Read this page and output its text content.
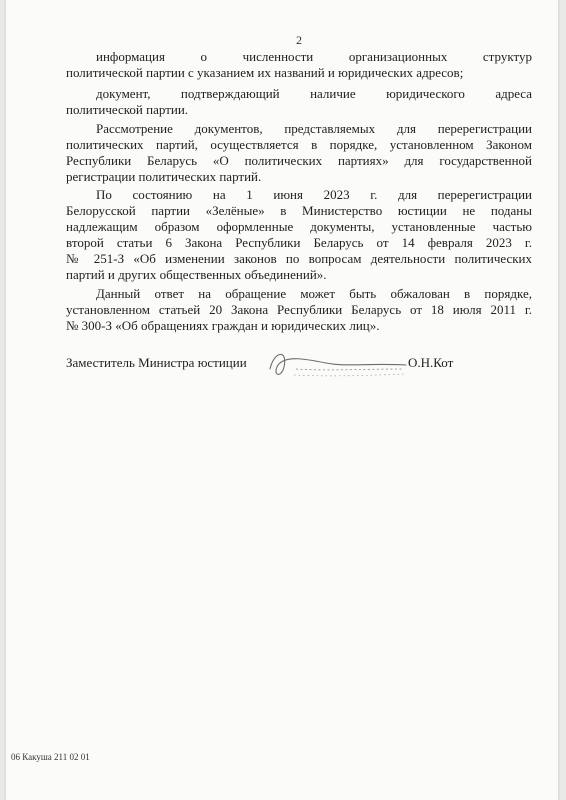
2
информация о численности организационных структур
политической партии с указанием их названий и юридических адресов;
документ, подтверждающий наличие юридического адреса
политической партии.
Рассмотрение документов, представляемых для перерегистрации
политических партий, осуществляется в порядке, установленном Законом
Республики Беларусь «О политических партиях» для государственной
регистрации политических партий.
По состоянию на 1 июня 2023 г. для перерегистрации
Белорусской партии «Зелёные» в Министерство юстиции не поданы
надлежащим образом оформленные документы, установленные частью
второй статьи 6 Закона Республики Беларусь от 14 февраля 2023 г.
№ 251-З «Об изменении законов по вопросам деятельности политических
партий и других общественных объединений».
Данный ответ на обращение может быть обжалован в порядке,
установленном статьей 20 Закона Республики Беларусь от 18 июля 2011 г.
№ 300-З «Об обращениях граждан и юридических лиц».
Заместитель Министра юстиции	О.Н.Кот
06 Какуша 211 02 01
